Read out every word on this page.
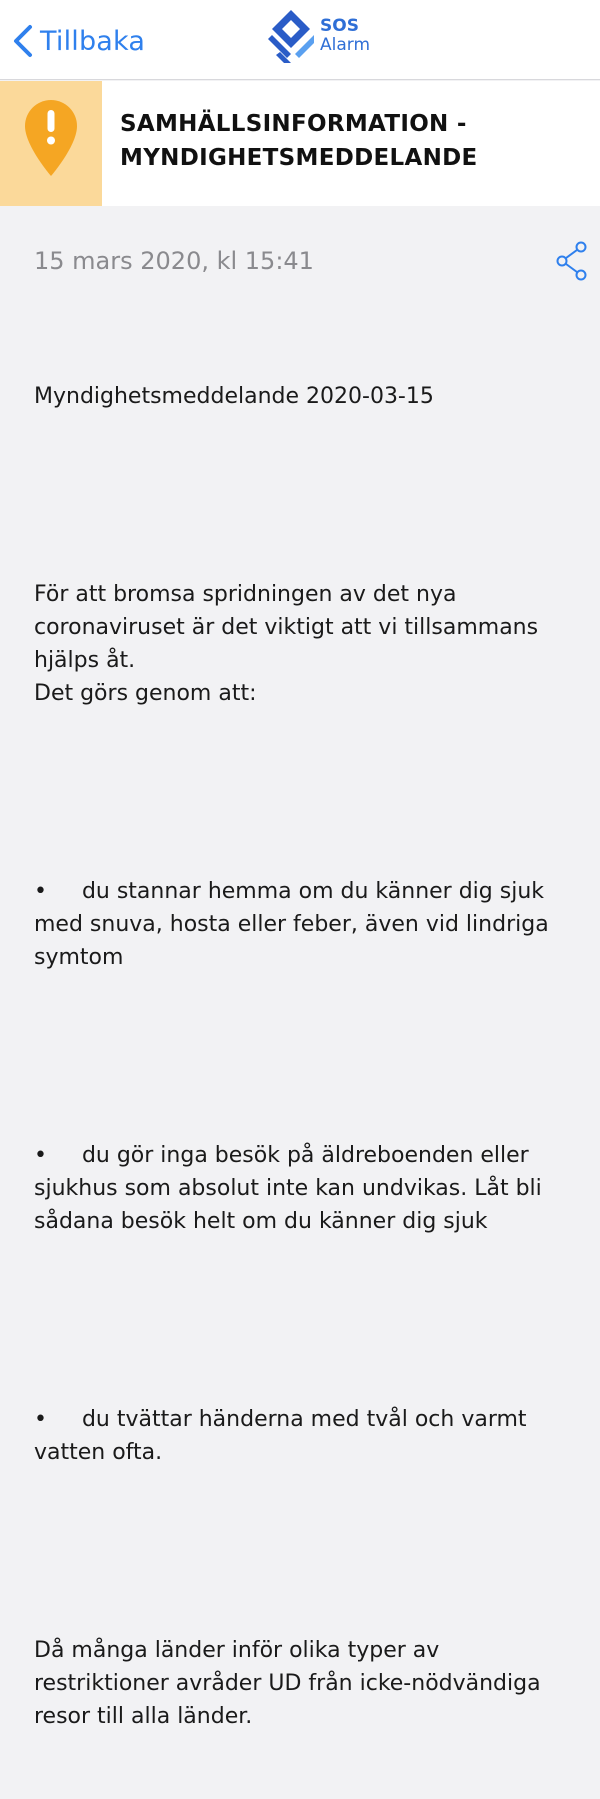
Tillbaka	SOS
Alarm
SAMHÄLLSINFORMATION - MYNDIGHETSMEDDELANDE
15 mars 2020, kl 15:41

Myndighetsmeddelande 2020-03-15

För att bromsa spridningen av det nya coronaviruset är det viktigt att vi tillsammans hjälps åt.
Det görs genom att:

•     du stannar hemma om du känner dig sjuk med snuva, hosta eller feber, även vid lindriga symtom

•     du gör inga besök på äldreboenden eller sjukhus som absolut inte kan undvikas. Låt bli sådana besök helt om du känner dig sjuk

•     du tvättar händerna med tvål och varmt vatten ofta.

Då många länder inför olika typer av restriktioner avråder UD från icke-nödvändiga resor till alla länder.
